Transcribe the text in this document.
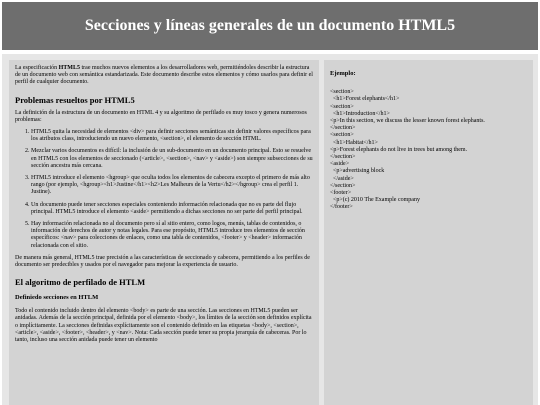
Secciones y líneas generales de un documento HTML5

La especificación HTML5 trae muchos nuevos elementos a los desarrolladores web, permitiéndoles describir la estructura de un documento web con semántica estandarizada. Este documento describe estos elementos y cómo usarlos para definir el perfil de cualquier documento.

Problemas resueltos por HTML5

La definición de la estructura de un documento en HTML 4 y su algoritmo de perfilado es muy tosco y genera numerosos problemas:

1. HTML5 quita la necesidad de elementos <div> para definir secciones semánticas sin definir valores específicos para los atributos class, introduciendo un nuevo elemento, <section>, el elemento de sección HTML.
2. Mezclar varios documentos es difícil: la inclusión de un sub-documento en un documento principal. Esto se resuelve en HTML5 con los elementos de seccionado (<article>, <section>, <nav> y <aside>) son siempre subsecciones de su sección ancestra más cercana.
3. HTML5 introduce el elemento <hgroup> que oculta todos los elementos de cabecera excepto el primero de más alto rango (por ejemplo, <hgroup><h1>Justine</h1><h2>Les Malheurs de la Vertu</h2></hgroup> crea el perfil 1. Justine).
4. Un documento puede tener secciones especiales conteniendo información relacionada que no es parte del flujo principal. HTML5 introduce el elemento <aside> permitiendo a dichas secciones no ser parte del perfil principal.
5. Hay información relacionada no al documento pero sí al sitio entero, como logos, menús, tablas de contenidos, o información de derechos de autor y notas legales. Para ese propósito, HTML5 introduce tres elementos de sección específicos: <nav> para colecciones de enlaces, como una tabla de contenidos, <footer> y <header> información relacionada con el sitio.

De manera más general, HTML5 trae precisión a las características de seccionado y cabecera, permitiendo a los perfiles de documento ser predecibles y usados por el navegador para mejorar la experiencia de usuario.

El algoritmo de perfilado de HTLM
Definiedo secciones en HTLM

Todo el contenido incluido dentro del elemento <body> es parte de una sección. Las secciones en HTML5 pueden ser anidadas. Además de la sección principal, definida por el elemento <body>, los límites de la sección son definidos explícita o implícitamente. La secciones definidas explícitamente son el contenido definido en las etiquetas <body>, <section>, <article>, <aside>, <footer>, <header>, y <nav>. Nota: Cada sección puede tener su propia jerarquía de cabeceras. Por lo tanto, incluso una sección anidada puede tener un elemento

Ejemplo:
<section>
<h1>Forest elephants</h1>
<section>
<h1>Introduction</h1>
<p>In this section, we discuss the lesser known forest elephants.
</section>
<section>
<h1>Habitat</h1>
<p>Forest elephants do not live in trees but among them.
</section>
<aside>
<p>advertising block
</aside>
</section>
<footer>
<p>(c) 2010 The Example company
</footer>
